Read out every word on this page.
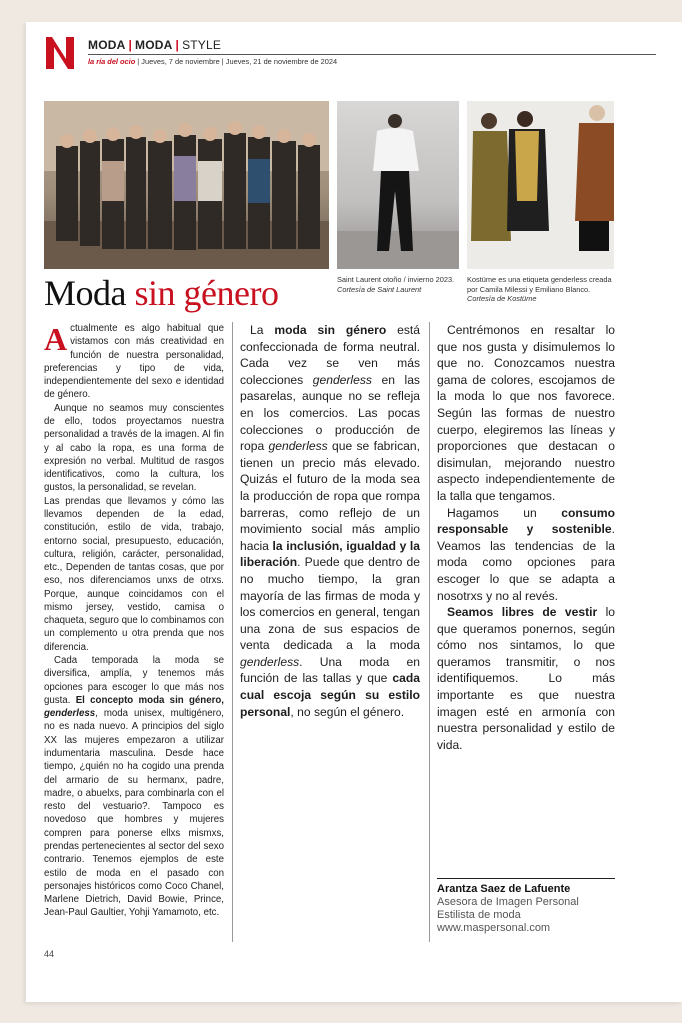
MODA | MODA | STYLE
la ría del ocio | Jueves, 7 de noviembre | Jueves, 21 de noviembre de 2024
Moda sin género	Saint Laurent otoño / invierno 2023.
Cortesía de Saint Laurent
Kostüme es una etiqueta genderless creada por Camila Milessi y Emiliano Blanco. Cortesía de Kostüme

Actualmente es algo habitual que vistamos con más creatividad en función de nuestra personalidad, preferencias y tipo de vida, independientemente del sexo e identidad de género.

Aunque no seamos muy conscientes de ello, todos proyectamos nuestra personalidad a través de la imagen. Al fin y al cabo la ropa, es una forma de expresión no verbal. Multitud de rasgos identificativos, como la cultura, los gustos, la personalidad, se revelan.

Las prendas que llevamos y cómo las llevamos dependen de la edad, constitución, estilo de vida, trabajo, entorno social, presupuesto, educación, cultura, religión, carácter, personalidad, etc., Dependen de tantas cosas, que por eso, nos diferenciamos unxs de otrxs. Porque, aunque coincidamos con el mismo jersey, vestido, camisa o chaqueta, seguro que lo combinamos con un complemento u otra prenda que nos diferencia.

Cada temporada la moda se diversifica, amplía, y tenemos más opciones para escoger lo que más nos gusta. El concepto moda sin género, genderless, moda unisex, multigénero, no es nada nuevo. A principios del siglo XX las mujeres empezaron a utilizar indumentaria masculina. Desde hace tiempo, ¿quién no ha cogido una prenda del armario de su hermanx, padre, madre, o abuelxs, para combinarla con el resto del vestuario?. Tampoco es novedoso que hombres y mujeres compren para ponerse ellxs mismxs, prendas pertenecientes al sector del sexo contrario. Tenemos ejemplos de este estilo de moda en el pasado con personajes históricos como Coco Chanel, Marlene Dietrich, David Bowie, Prince, Jean-Paul Gaultier, Yohji Yamamoto, etc.

La moda sin género está confeccionada de forma neutral. Cada vez se ven más colecciones genderless en las pasarelas, aunque no se refleja en los comercios. Las pocas colecciones o producción de ropa genderless que se fabrican, tienen un precio más elevado. Quizás el futuro de la moda sea la producción de ropa que rompa barreras, como reflejo de un movimiento social más amplio hacia la inclusión, igualdad y la liberación. Puede que dentro de no mucho tiempo, la gran mayoría de las firmas de moda y los comercios en general, tengan una zona de sus espacios de venta dedicada a la moda genderless. Una moda en función de las tallas y que cada cual escoja según su estilo personal, no según el género.

Centrémonos en resaltar lo que nos gusta y disimulemos lo que no. Conozcamos nuestra gama de colores, escojamos de la moda lo que nos favorece. Según las formas de nuestro cuerpo, elegiremos las líneas y proporciones que destacan o disimulan, mejorando nuestro aspecto independientemente de la talla que tengamos.

Hagamos un consumo responsable y sostenible. Veamos las tendencias de la moda como opciones para escoger lo que se adapta a nosotrxs y no al revés.

Seamos libres de vestir lo que queramos ponernos, según cómo nos sintamos, lo que queramos transmitir, o nos identifiquemos. Lo más importante es que nuestra imagen esté en armonía con nuestra personalidad y estilo de vida.

Arantza Saez de Lafuente
Asesora de Imagen Personal
Estilista de moda
www.maspersonal.com
44
